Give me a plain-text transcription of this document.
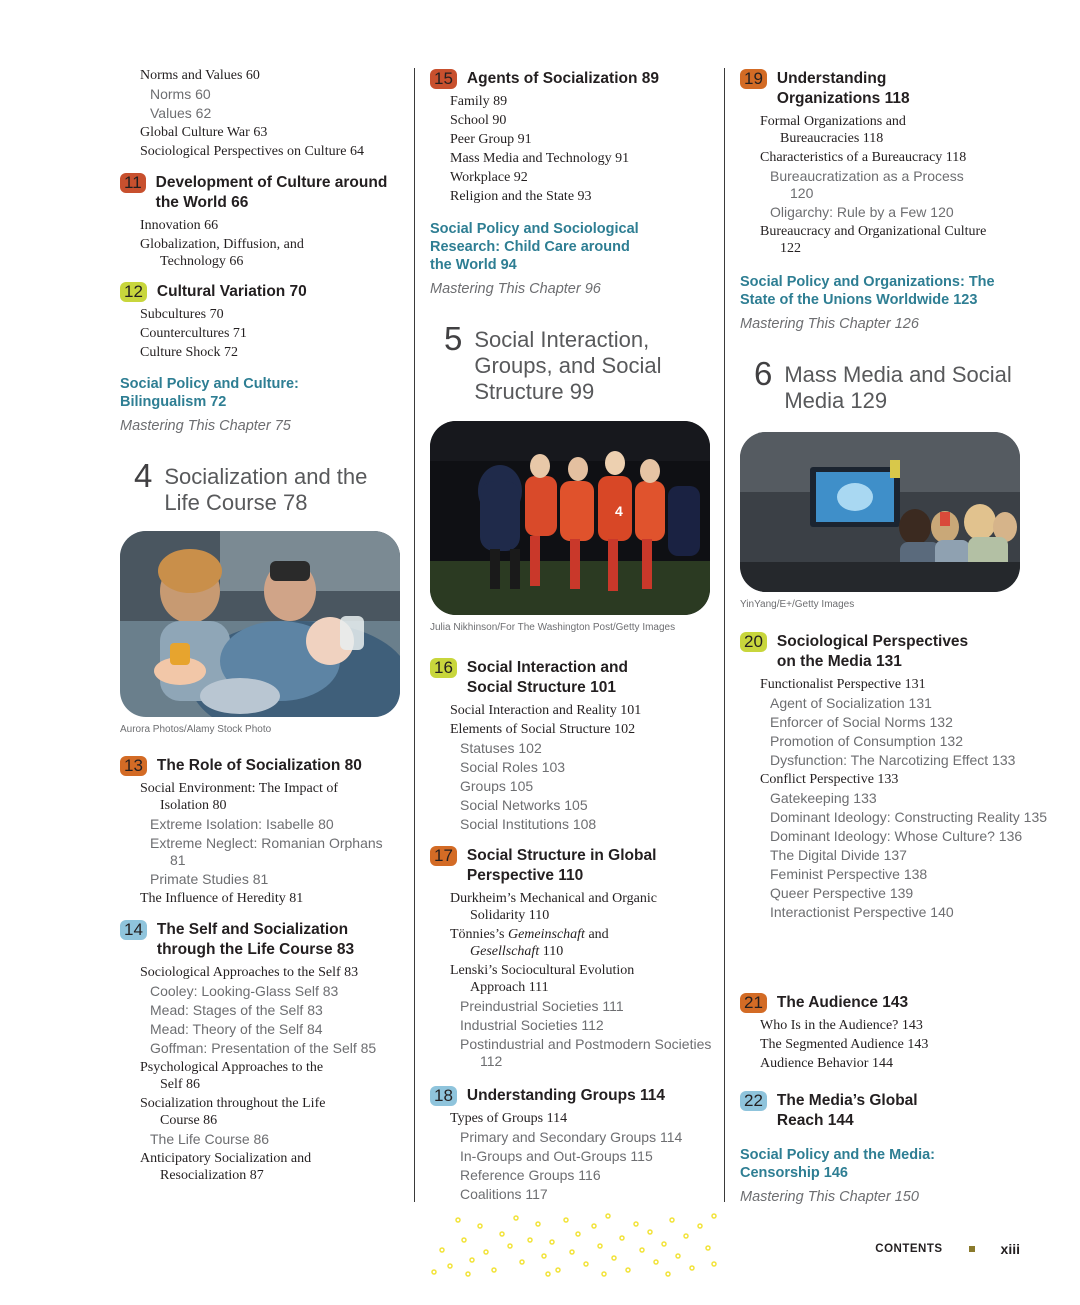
Norms and Values 60

Norms 60

Values 62

Global Culture War 63

Sociological Perspectives on Culture 64

11 Development of Culture around the World 66

Innovation 66

Globalization, Diffusion, and Technology 66

12 Cultural Variation 70

Subcultures 70

Countercultures 71

Culture Shock 72

Social Policy and Culture: Bilingualism 72

Mastering This Chapter 75

4 Socialization and the Life Course 78

Aurora Photos/Alamy Stock Photo

13 The Role of Socialization 80

Social Environment: The Impact of Isolation 80

Extreme Isolation: Isabelle 80

Extreme Neglect: Romanian Orphans 81

Primate Studies 81

The Influence of Heredity 81

14 The Self and Socialization through the Life Course 83

Sociological Approaches to the Self 83

Cooley: Looking-Glass Self 83

Mead: Stages of the Self 83

Mead: Theory of the Self 84

Goffman: Presentation of the Self 85

Psychological Approaches to the Self 86

Socialization throughout the Life Course 86

The Life Course 86

Anticipatory Socialization and Resocialization 87

15 Agents of Socialization 89

Family 89

School 90

Peer Group 91

Mass Media and Technology 91

Workplace 92

Religion and the State 93

Social Policy and Sociological Research: Child Care around the World 94

Mastering This Chapter 96

5 Social Interaction, Groups, and Social Structure 99
4

Julia Nikhinson/For The Washington Post/Getty Images

16 Social Interaction and Social Structure 101

Social Interaction and Reality 101

Elements of Social Structure 102

Statuses 102

Social Roles 103

Groups 105

Social Networks 105

Social Institutions 108

17 Social Structure in Global Perspective 110

Durkheim’s Mechanical and Organic Solidarity 110

Tönnies’s Gemeinschaft and Gesellschaft 110

Lenski’s Sociocultural Evolution Approach 111

Preindustrial Societies 111

Industrial Societies 112

Postindustrial and Postmodern Societies 112

18 Understanding Groups 114

Types of Groups 114

Primary and Secondary Groups 114

In-Groups and Out-Groups 115

Reference Groups 116

Coalitions 117

19 Understanding Organizations 118

Formal Organizations and Bureaucracies 118

Characteristics of a Bureaucracy 118

Bureaucratization as a Process 120

Oligarchy: Rule by a Few 120

Bureaucracy and Organizational Culture 122

Social Policy and Organizations: The State of the Unions Worldwide 123

Mastering This Chapter 126

6 Mass Media and Social Media 129

YinYang/E+/Getty Images

20 Sociological Perspectives on the Media 131

Functionalist Perspective 131

Agent of Socialization 131

Enforcer of Social Norms 132

Promotion of Consumption 132

Dysfunction: The Narcotizing Effect 133

Conflict Perspective 133

Gatekeeping 133

Dominant Ideology: Constructing Reality 135

Dominant Ideology: Whose Culture? 136

The Digital Divide 137

Feminist Perspective 138

Queer Perspective 139

Interactionist Perspective 140

21 The Audience 143

Who Is in the Audience? 143

The Segmented Audience 143

Audience Behavior 144

22 The Media’s Global Reach 144

Social Policy and the Media: Censorship 146

Mastering This Chapter 150

CONTENTS	xiii
